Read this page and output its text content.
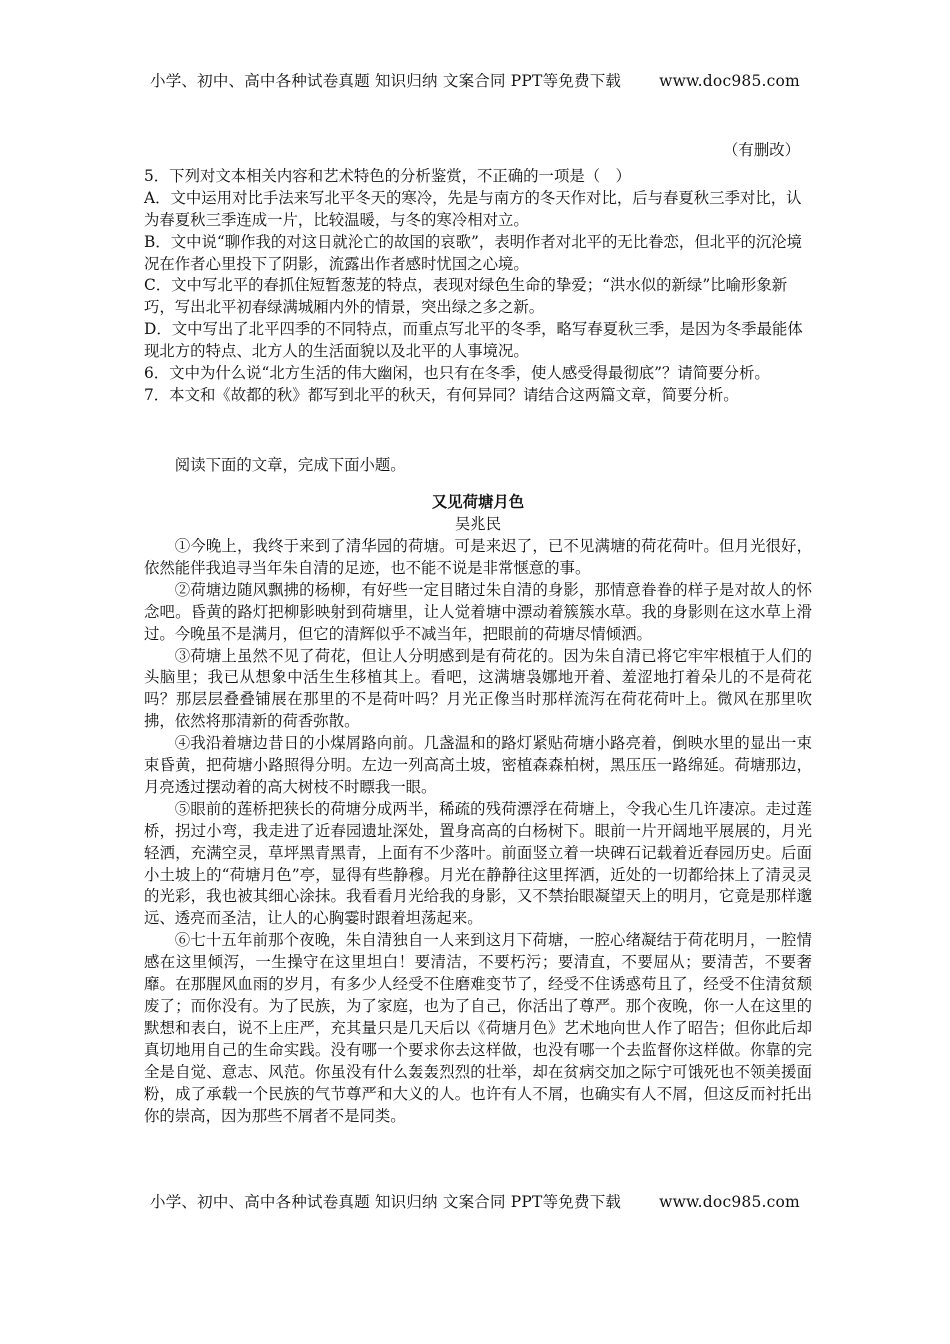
小学、初中、高中各种试卷真题 知识归纳 文案合同 PPT等免费下载 www.doc985.com
（有删改）

5．下列对文本相关内容和艺术特色的分析鉴赏，不正确的一项是（　）

A．文中运用对比手法来写北平冬天的寒冷，先是与南方的冬天作对比，后与春夏秋三季对比，认为春夏秋三季连成一片，比较温暖，与冬的寒冷相对立。

B．文中说“聊作我的对这日就沦亡的故国的哀歌”，表明作者对北平的无比眷恋，但北平的沉沦境况在作者心里投下了阴影，流露出作者感时忧国之心境。

C．文中写北平的春抓住短暂葱茏的特点，表现对绿色生命的挚爱；“洪水似的新绿”比喻形象新巧，写出北平初春绿满城厢内外的情景，突出绿之多之新。

D．文中写出了北平四季的不同特点，而重点写北平的冬季，略写春夏秋三季，是因为冬季最能体现北方的特点、北方人的生活面貌以及北平的人事境况。

6．文中为什么说“北方生活的伟大幽闲，也只有在冬季，使人感受得最彻底”？请简要分析。

7．本文和《故都的秋》都写到北平的秋天，有何异同？请结合这两篇文章，简要分析。

阅读下面的文章，完成下面小题。

又见荷塘月色

吴兆民

①今晚上，我终于来到了清华园的荷塘。可是来迟了，已不见满塘的荷花荷叶。但月光很好，依然能伴我追寻当年朱自清的足迹，也不能不说是非常惬意的事。

②荷塘边随风飘拂的杨柳，有好些一定目睹过朱自清的身影，那情意眷眷的样子是对故人的怀念吧。昏黄的路灯把柳影映射到荷塘里，让人觉着塘中漂动着簇簇水草。我的身影则在这水草上滑过。今晚虽不是满月，但它的清辉似乎不减当年，把眼前的荷塘尽情倾洒。

③荷塘上虽然不见了荷花，但让人分明感到是有荷花的。因为朱自清已将它牢牢根植于人们的头脑里；我已从想象中活生生移植其上。看吧，这满塘袅娜地开着、羞涩地打着朵儿的不是荷花吗？那层层叠叠铺展在那里的不是荷叶吗？月光正像当时那样流泻在荷花荷叶上。微风在那里吹拂，依然将那清新的荷香弥散。

④我沿着塘边昔日的小煤屑路向前。几盏温和的路灯紧贴荷塘小路亮着，倒映水里的显出一束束昏黄，把荷塘小路照得分明。左边一列高高土坡，密植森森柏树，黑压压一路绵延。荷塘那边，月亮透过摆动着的高大树枝不时瞟我一眼。

⑤眼前的莲桥把狭长的荷塘分成两半，稀疏的残荷漂浮在荷塘上，令我心生几许凄凉。走过莲桥，拐过小弯，我走进了近春园遗址深处，置身高高的白杨树下。眼前一片开阔地平展展的，月光轻洒，充满空灵，草坪黑青黑青，上面有不少落叶。前面竖立着一块碑石记载着近春园历史。后面小土坡上的“荷塘月色”亭，显得有些静穆。月光在静静往这里挥洒，近处的一切都给抹上了清灵灵的光彩，我也被其细心涂抹。我看看月光给我的身影，又不禁抬眼凝望天上的明月，它竟是那样邈远、透亮而圣洁，让人的心胸霎时跟着坦荡起来。

⑥七十五年前那个夜晚，朱自清独自一人来到这月下荷塘，一腔心绪凝结于荷花明月，一腔情感在这里倾泻，一生操守在这里坦白！要清洁，不要朽污；要清直，不要屈从；要清苦，不要奢靡。在那腥风血雨的岁月，有多少人经受不住磨难变节了，经受不住诱惑苟且了，经受不住清贫颓废了；而你没有。为了民族，为了家庭，也为了自己，你活出了尊严。那个夜晚，你一人在这里的默想和表白，说不上庄严，充其量只是几天后以《荷塘月色》艺术地向世人作了昭告；但你此后却真切地用自己的生命实践。没有哪一个要求你去这样做，也没有哪一个去监督你这样做。你靠的完全是自觉、意志、风范。你虽没有什么轰轰烈烈的壮举，却在贫病交加之际宁可饿死也不领美援面粉，成了承载一个民族的气节尊严和大义的人。也许有人不屑，也确实有人不屑，但这反而衬托出你的崇高，因为那些不屑者不是同类。

小学、初中、高中各种试卷真题 知识归纳 文案合同 PPT等免费下载 www.doc985.com
